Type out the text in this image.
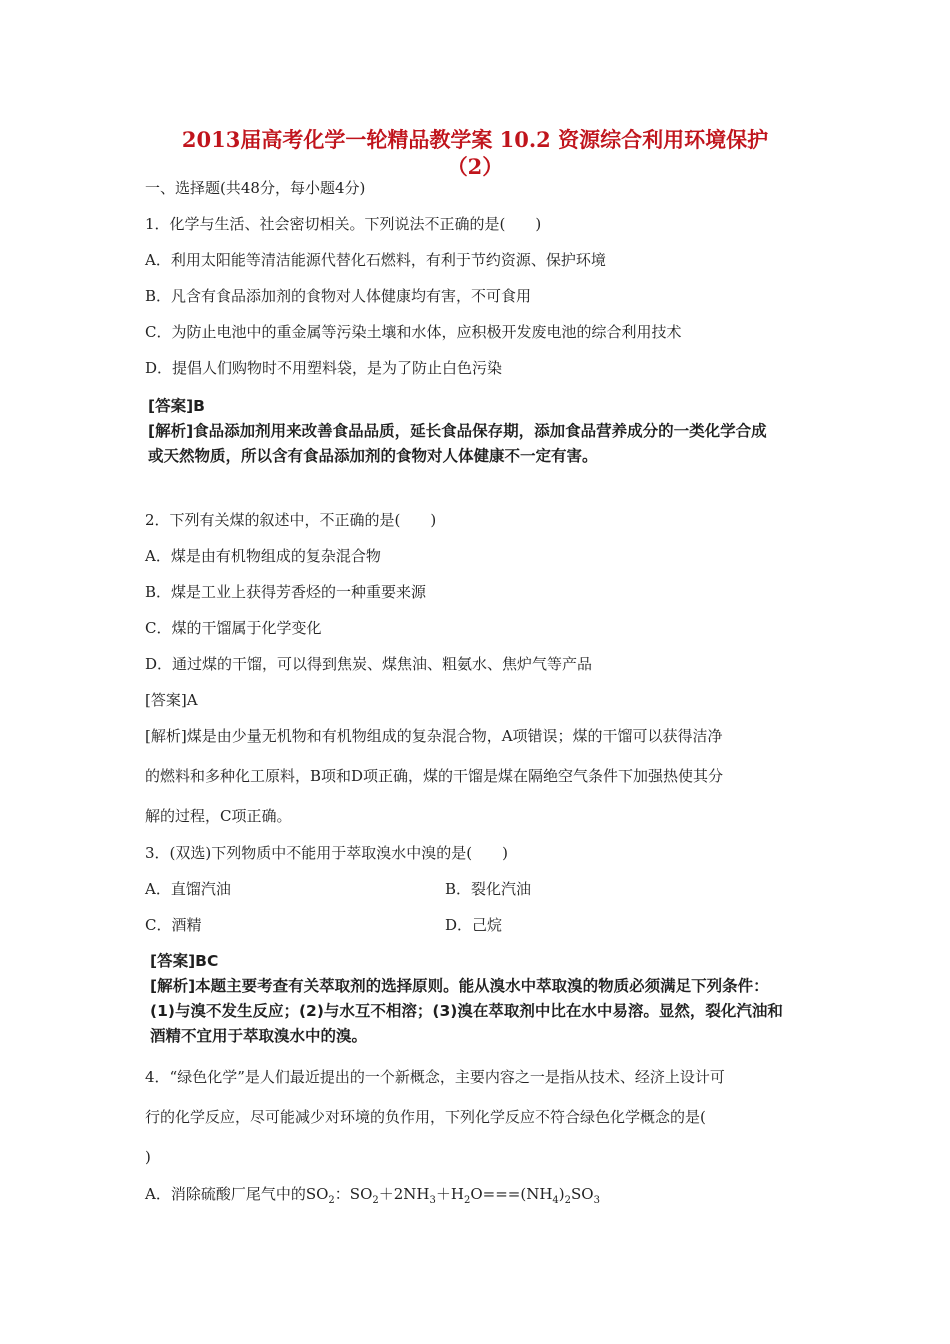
2013届高考化学一轮精品教学案 10.2 资源综合利用环境保护
（2）
一、选择题(共48分，每小题4分)
1．化学与生活、社会密切相关。下列说法不正确的是(　　)
A．利用太阳能等清洁能源代替化石燃料，有利于节约资源、保护环境
B．凡含有食品添加剂的食物对人体健康均有害，不可食用
C．为防止电池中的重金属等污染土壤和水体，应积极开发废电池的综合利用技术
D．提倡人们购物时不用塑料袋，是为了防止白色污染
[答案]B
[解析]食品添加剂用来改善食品品质，延长食品保存期，添加食品营养成分的一类化学合成
或天然物质，所以含有食品添加剂的食物对人体健康不一定有害。
2．下列有关煤的叙述中，不正确的是(　　)
A．煤是由有机物组成的复杂混合物
B．煤是工业上获得芳香烃的一种重要来源
C．煤的干馏属于化学变化
D．通过煤的干馏，可以得到焦炭、煤焦油、粗氨水、焦炉气等产品
[答案]A
[解析]煤是由少量无机物和有机物组成的复杂混合物，A项错误；煤的干馏可以获得洁净
的燃料和多种化工原料，B项和D项正确，煤的干馏是煤在隔绝空气条件下加强热使其分
解的过程，C项正确。
3．(双选)下列物质中不能用于萃取溴水中溴的是(　　)
A．直馏汽油	B．裂化汽油
C．酒精	D．己烷
[答案]BC
[解析]本题主要考查有关萃取剂的选择原则。能从溴水中萃取溴的物质必须满足下列条件：
(1)与溴不发生反应；(2)与水互不相溶；(3)溴在萃取剂中比在水中易溶。显然，裂化汽油和
酒精不宜用于萃取溴水中的溴。
4．“绿色化学”是人们最近提出的一个新概念，主要内容之一是指从技术、经济上设计可
行的化学反应，尽可能减少对环境的负作用，下列化学反应不符合绿色化学概念的是(
)
A．消除硫酸厂尾气中的$SO_2$：$SO_2+2NH_3+H_2O===(NH_4)_2SO_3$
